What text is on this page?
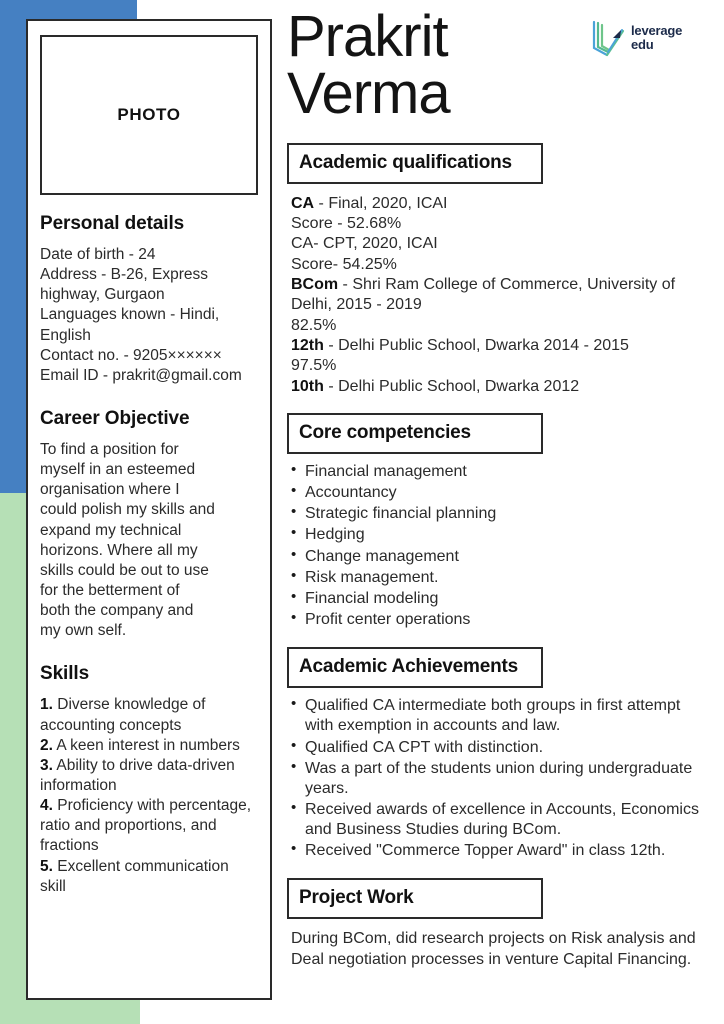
PHOTO
Personal details
Date of birth - 24
Address - B-26, Express
highway, Gurgaon
Languages known - Hindi,
English
Contact no. - 9205××××××
Email ID - prakrit@gmail.com
Career Objective
To find a position for
myself in an esteemed
organisation where I
could polish my skills and
expand my technical
horizons. Where all my
skills could be out to use
for the betterment of
both the company and
my own self.
Skills
1. Diverse knowledge of accounting concepts
2. A keen interest in numbers
3. Ability to drive data-driven information
4. Proficiency with percentage, ratio and proportions, and fractions
5. Excellent communication skill
leverage
edu
Prakrit
Verma
Academic qualifications
CA - Final, 2020, ICAI
Score - 52.68%
CA- CPT, 2020, ICAI
Score- 54.25%
BCom - Shri Ram College of Commerce, University of Delhi, 2015 - 2019
82.5%
12th - Delhi Public School, Dwarka 2014 - 2015
97.5%
10th - Delhi Public School, Dwarka 2012
Core competencies
• Financial management
• Accountancy
• Strategic financial planning
• Hedging
• Change management
• Risk management.
• Financial modeling
• Profit center operations
Academic Achievements
• Qualified CA intermediate both groups in first attempt with exemption in accounts and law.
• Qualified CA CPT with distinction.
• Was a part of the students union during undergraduate years.
• Received awards of excellence in Accounts, Economics and Business Studies during BCom.
• Received "Commerce Topper Award" in class 12th.
Project Work
During BCom, did research projects on Risk analysis and Deal negotiation processes in venture Capital Financing.
